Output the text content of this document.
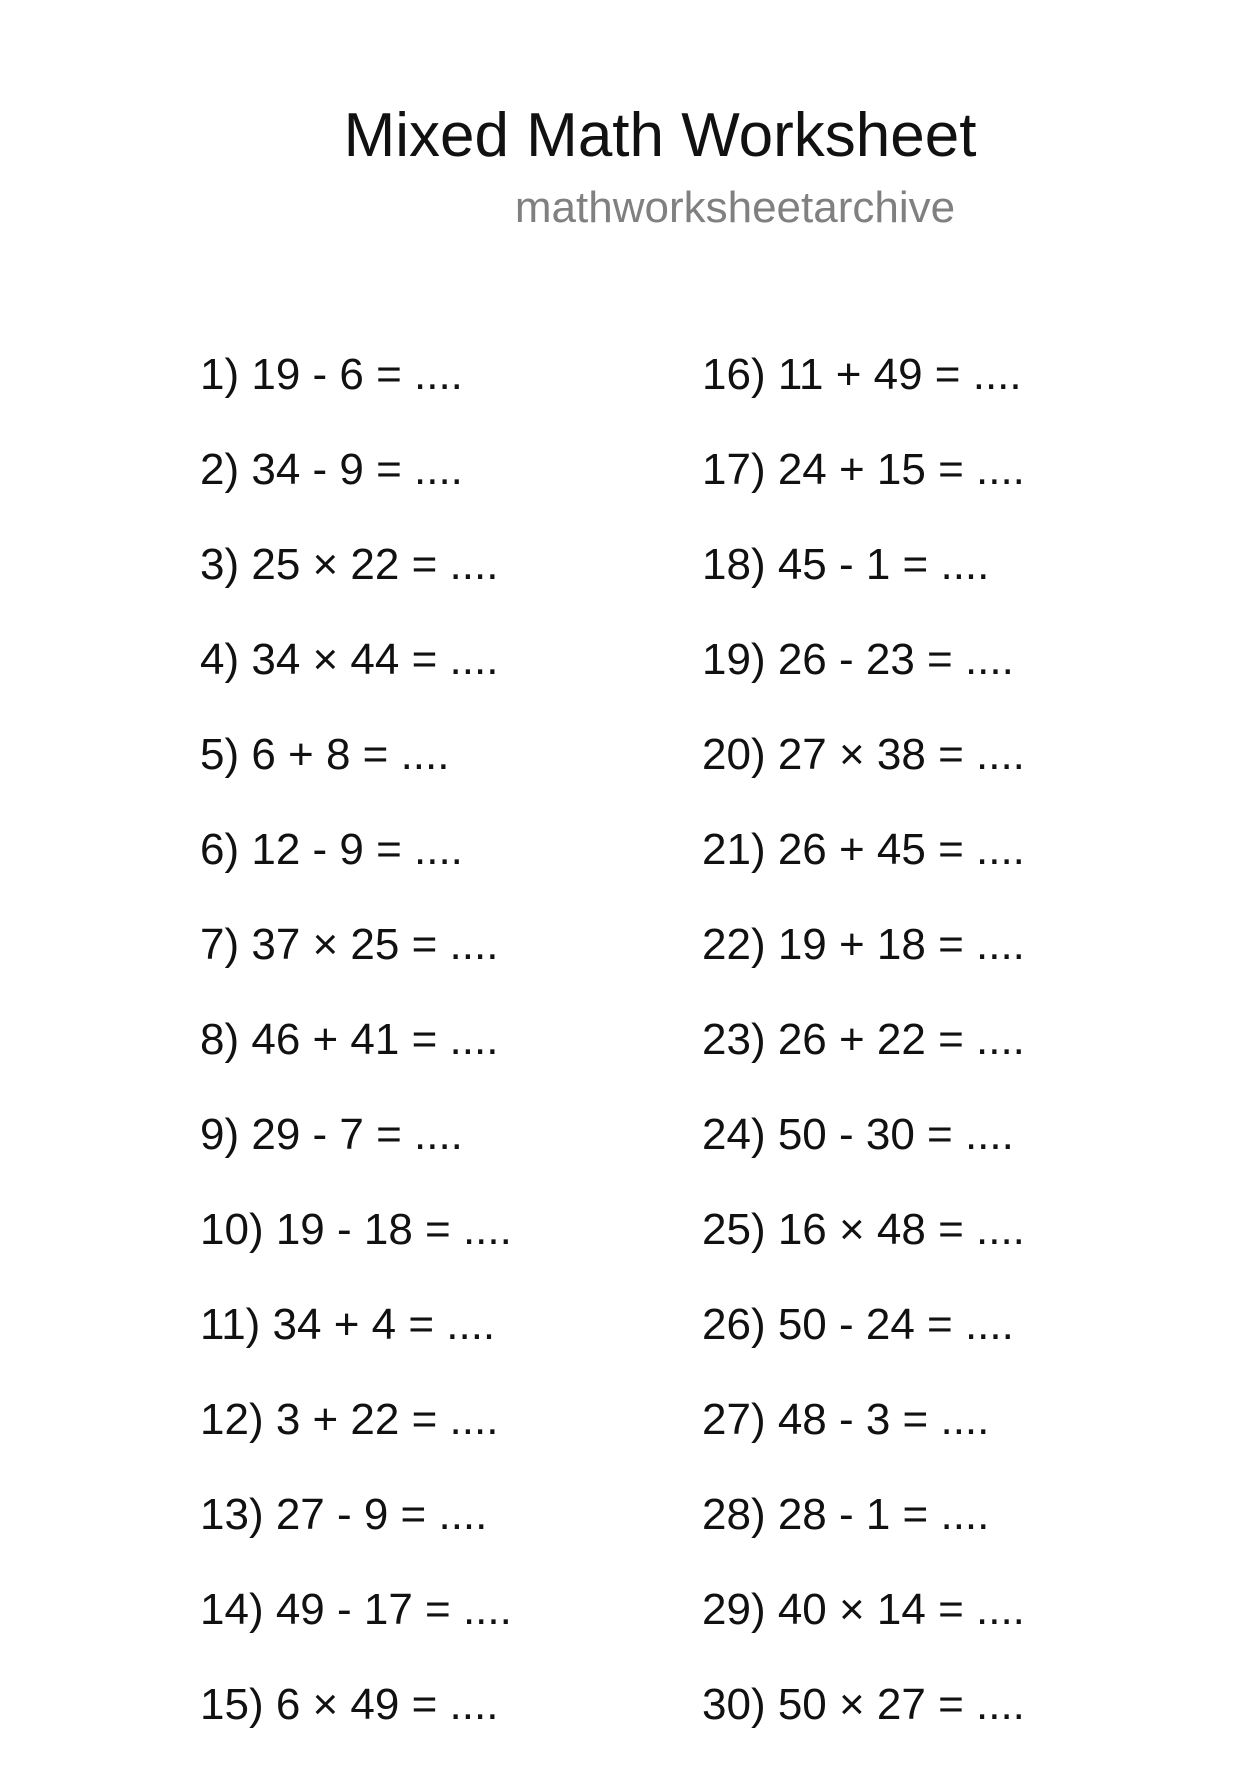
Mixed Math Worksheet
mathworksheetarchive
1) 19 - 6 = ....
2) 34 - 9 = ....
3) 25 × 22 = ....
4) 34 × 44 = ....
5) 6 + 8 = ....
6) 12 - 9 = ....
7) 37 × 25 = ....
8) 46 + 41 = ....
9) 29 - 7 = ....
10) 19 - 18 = ....
11) 34 + 4 = ....
12) 3 + 22 = ....
13) 27 - 9 = ....
14) 49 - 17 = ....
15) 6 × 49 = ....
16) 11 + 49 = ....
17) 24 + 15 = ....
18) 45 - 1 = ....
19) 26 - 23 = ....
20) 27 × 38 = ....
21) 26 + 45 = ....
22) 19 + 18 = ....
23) 26 + 22 = ....
24) 50 - 30 = ....
25) 16 × 48 = ....
26) 50 - 24 = ....
27) 48 - 3 = ....
28) 28 - 1 = ....
29) 40 × 14 = ....
30) 50 × 27 = ....
